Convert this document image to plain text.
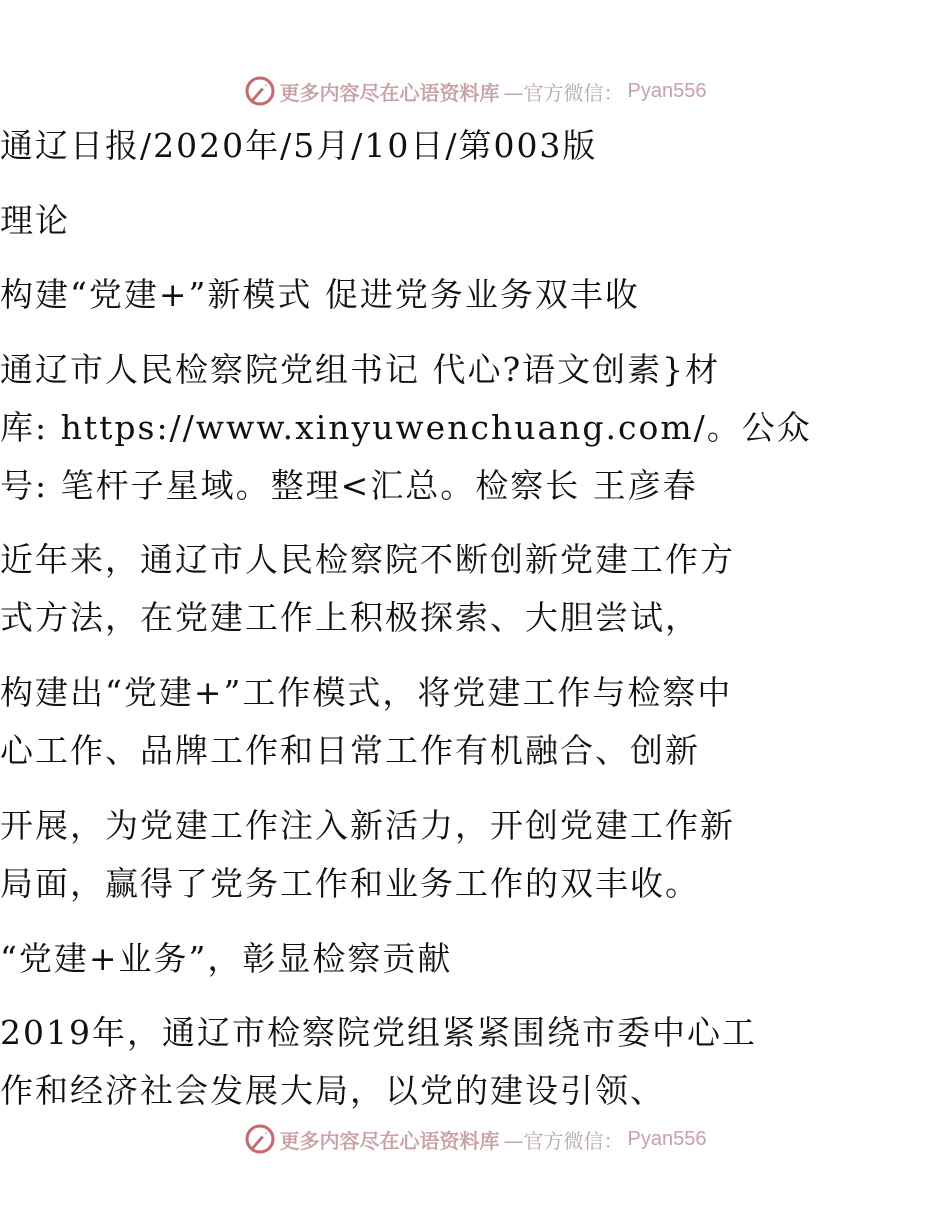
更多内容尽在心语资料库 —官方微信： Pyan556
通辽日报/2020年/5月/10日/第003版
理论
构建“党建+”新模式 促进党务业务双丰收
通辽市人民检察院党组书记 代心?语文创素}材
库: https://www.xinyuwenchuang.com/。公众
号: 笔杆子星域。整理<汇总。检察长 王彦春
近年来，通辽市人民检察院不断创新党建工作方
式方法，在党建工作上积极探索、大胆尝试，
构建出“党建+”工作模式，将党建工作与检察中
心工作、品牌工作和日常工作有机融合、创新
开展，为党建工作注入新活力，开创党建工作新
局面，赢得了党务工作和业务工作的双丰收。
“党建+业务”，彰显检察贡献
2019年，通辽市检察院党组紧紧围绕市委中心工
作和经济社会发展大局，以党的建设引领、
更多内容尽在心语资料库 —官方微信： Pyan556
